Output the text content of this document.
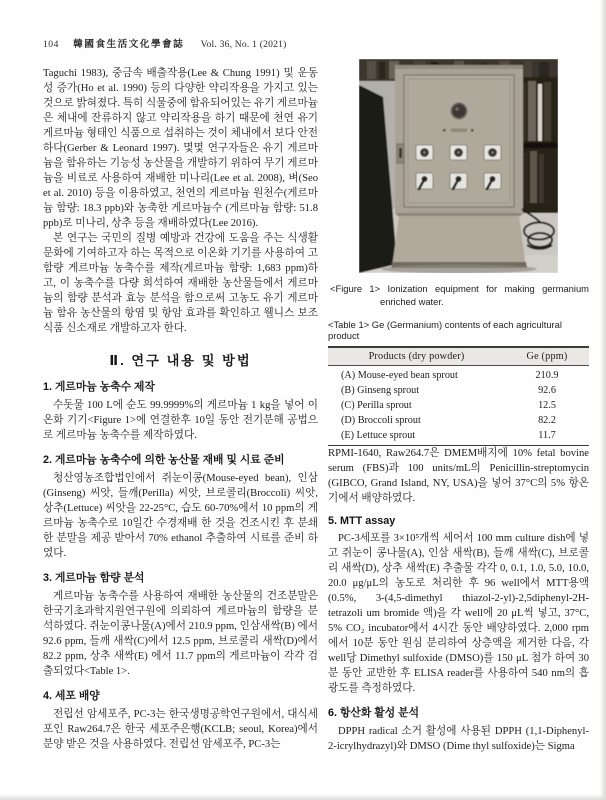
104 韓國食生活文化學會誌 Vol. 36, No. 1 (2021)

Taguchi 1983), 중금속 배출작용(Lee & Chung 1991) 및 운동성 증가(Ho et al. 1990) 등의 다양한 약리작용을 가지고 있는 것으로 밝혀졌다. 특히 식물중에 함유되어있는 유기 게르마늄은 체내에 잔류하지 않고 약리작용을 하기 때문에 천연 유기 게르마늄 형태인 식품으로 섭취하는 것이 체내에서 보다 안전하다(Gerber & Leonard 1997). 몇몇 연구자들은 유기 게르마늄을 함유하는 기능성 농산물을 개발하기 위하여 무기 게르마늄을 비료로 사용하여 재배한 미나리(Lee et al. 2008), 벼(Seo et al. 2010) 등을 이용하였고, 천연의 게르마늄 원천수(게르마늄 함량: 18.3 ppb)와 농축한 게르마늄수 (게르마늄 함량: 51.8 ppb)로 미나리, 상추 등을 재배하였다(Lee 2016).

본 연구는 국민의 질병 예방과 건강에 도움을 주는 식생활문화에 기여하고자 하는 목적으로 이온화 기기를 사용하여 고함량 게르마늄 농축수를 제작(게르마늄 함량: 1,683 ppm)하고, 이 농축수를 다량 희석하여 재배한 농산물들에서 게르마늄의 함량 분석과 효능 분석을 함으로써 고농도 유기 게르마늄 함유 농산물의 항염 및 항암 효과를 확인하고 웰니스 보조식품 신소재로 개발하고자 한다.

Ⅱ. 연구 내용 및 방법
1. 게르마늄 농축수 제작

수돗물 100 L에 순도 99.9999%의 게르마늄 1 kg을 넣어 이온화 기기<Figure 1>에 연결한후 10일 동안 전기분해 공법으로 게르마늄 농축수를 제작하였다.

2. 게르마늄 농축수에 의한 농산물 재배 및 시료 준비

청산영농조합법인에서 쥐눈이콩(Mouse-eyed bean), 인삼(Ginseng) 씨앗, 들깨(Perilla) 씨앗, 브로콜리(Broccoli) 씨앗, 상추(Lettuce) 씨앗을 22-25°C, 습도 60-70%에서 10 ppm의 게르마늄 농축수로 10일간 수경재배 한 것을 건조시킨 후 분쇄한 분말을 제공 받아서 70% ethanol 추출하여 시료를 준비 하였다.

3. 게르마늄 함량 분석

게르마늄 농축수를 사용하여 재배한 농산물의 건조분말은 한국기초과학지원연구원에 의뢰하여 게르마늄의 함량을 분석하였다. 쥐눈이콩나물(A)에서 210.9 ppm, 인삼새싹(B) 에서 92.6 ppm, 들깨 새싹(C)에서 12.5 ppm, 브로콜리 새싹(D)에서 82.2 ppm, 상추 새싹(E) 에서 11.7 ppm의 게르마늄이 각각 검출되었다<Table 1>.

4. 세포 배양

전립선 암세포주, PC-3는 한국생명공학연구원에서, 대식세포인 Raw264.7은 한국 세포주은행(KCLB; seoul, Korea)에서 분양 받은 것을 사용하였다. 전립선 암세포주, PC-3는

<Figure 1> Ionization equipment for making germanium enriched water.
<Table 1> Ge (Germanium) contents of each agricultural product
Products (dry powder)	Ge (ppm)
(A) Mouse-eyed bean sprout	210.9
(B) Ginseng sprout	92.6
(C) Perilla sprout	12.5
(D) Broccoli sprout	82.2
(E) Lettuce sprout	11.7

RPMI-1640, Raw264.7은 DMEM배지에 10% fetal bovine serum (FBS)과 100 units/mL의 Penicillin-streptomycin (GIBCO, Grand Island, NY, USA)을 넣어 37°C의 5% 항온기에서 배양하였다.

5. MTT assay

PC-3세포를 3×10⁵개씩 세어서 100 mm culture dish에 넣고 쥐눈이 콩나물(A), 인삼 새싹(B), 들깨 새싹(C), 브로콜리 새싹(D), 상추 새싹(E) 추출물 각각 0, 0.1, 1.0, 5.0, 10.0, 20.0 μg/μL의 농도로 처리한 후 96 well에서 MTT용액 (0.5%, 3-(4,5-dimethyl thiazol-2-yl)-2,5diphenyl-2H-tetrazoli um bromide 액)을 각 well에 20 μL씩 넣고, 37°C, 5% CO₂ incubator에서 4시간 동안 배양하였다. 2,000 rpm에서 10분 동안 원심 분리하여 상층액을 제거한 다음, 각 well당 Dimethyl sulfoxide (DMSO)를 150 μL 첨가 하여 30분 동안 교반한 후 ELISA reader를 사용하여 540 nm의 흡광도를 측정하였다.

6. 항산화 활성 분석

DPPH radical 소거 활성에 사용된 DPPH (1,1-Diphenyl-2-icrylhydrazyl)와 DMSO (Dime thyl sulfoxide)는 Sigma
